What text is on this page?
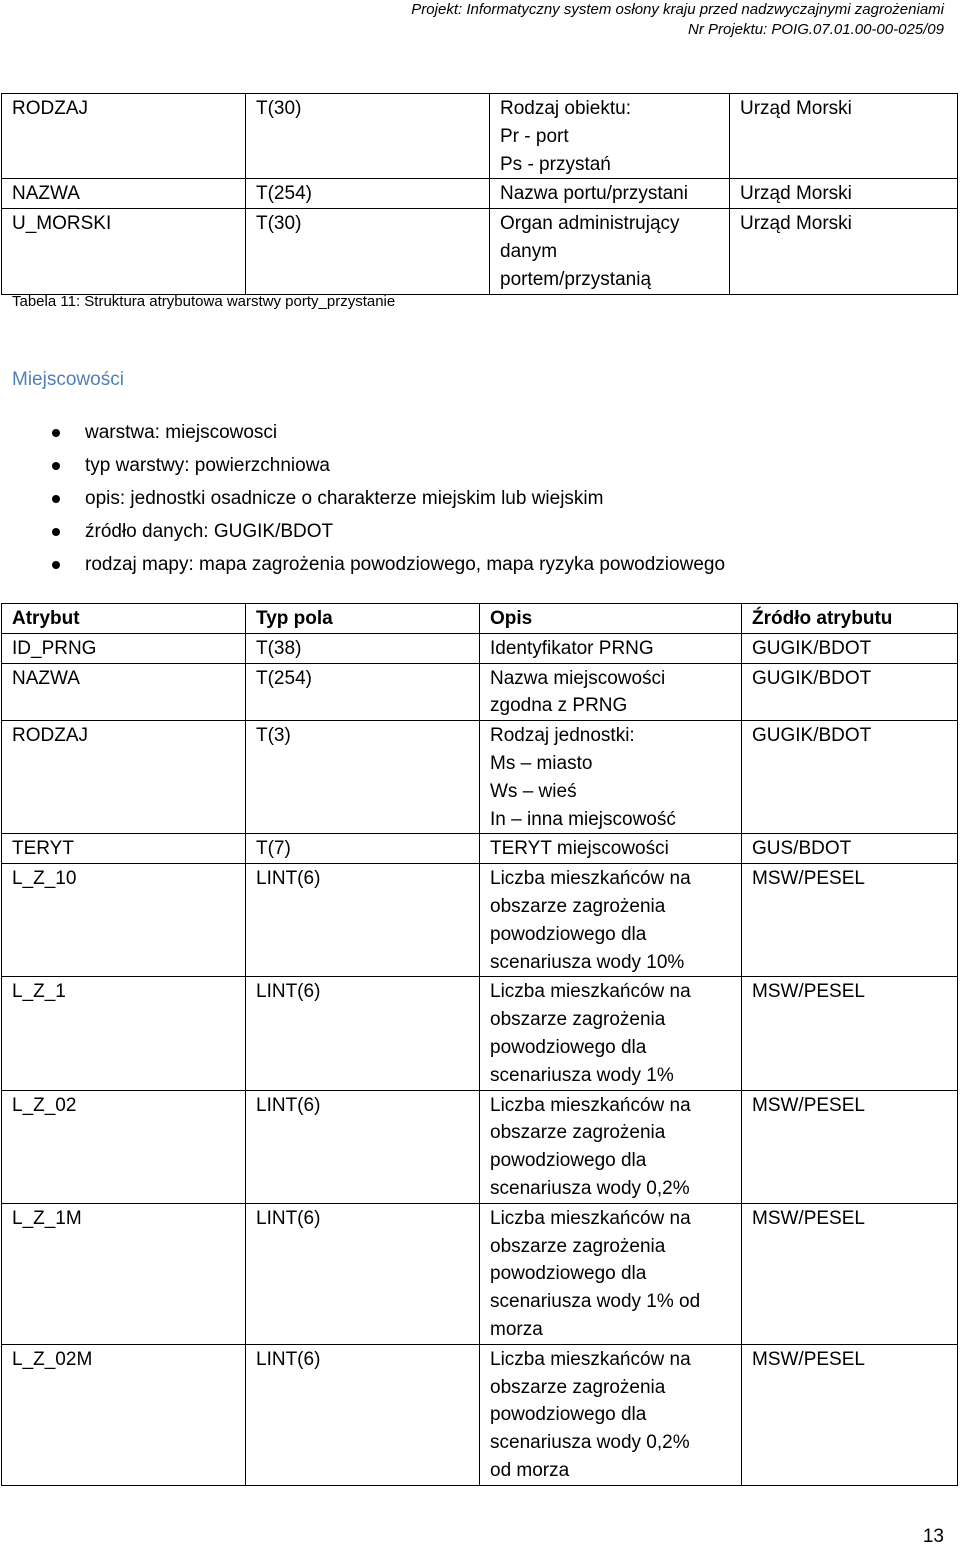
Projekt: Informatyczny system osłony kraju przed nadzwyczajnymi zagrożeniami
Nr Projektu: POIG.07.01.00-00-025/09
RODZAJ	T(30)	Rodzaj obiektu:
Pr - port
Ps - przystań	Urząd Morski
NAZWA	T(254)	Nazwa portu/przystani	Urząd Morski
U_MORSKI	T(30)	Organ administrujący
danym
portem/przystanią	Urząd Morski
Tabela 11: Struktura atrybutowa warstwy porty_przystanie
Miejscowości
warstwa: miejscowosci
typ warstwy: powierzchniowa
opis: jednostki osadnicze o charakterze miejskim lub wiejskim
źródło danych: GUGIK/BDOT
rodzaj mapy: mapa zagrożenia powodziowego, mapa ryzyka powodziowego
Atrybut	Typ pola	Opis	Źródło atrybutu
ID_PRNG	T(38)	Identyfikator PRNG	GUGIK/BDOT
NAZWA	T(254)	Nazwa miejscowości
zgodna z PRNG	GUGIK/BDOT
RODZAJ	T(3)	Rodzaj jednostki:
Ms – miasto
Ws – wieś
In – inna miejscowość	GUGIK/BDOT
TERYT	T(7)	TERYT miejscowości	GUS/BDOT
L_Z_10	LINT(6)	Liczba mieszkańców na
obszarze zagrożenia
powodziowego dla
scenariusza wody 10%	MSW/PESEL
L_Z_1	LINT(6)	Liczba mieszkańców na
obszarze zagrożenia
powodziowego dla
scenariusza wody 1%	MSW/PESEL
L_Z_02	LINT(6)	Liczba mieszkańców na
obszarze zagrożenia
powodziowego dla
scenariusza wody 0,2%	MSW/PESEL
L_Z_1M	LINT(6)	Liczba mieszkańców na
obszarze zagrożenia
powodziowego dla
scenariusza wody 1% od
morza	MSW/PESEL
L_Z_02M	LINT(6)	Liczba mieszkańców na
obszarze zagrożenia
powodziowego dla
scenariusza wody 0,2%
od morza	MSW/PESEL
13
